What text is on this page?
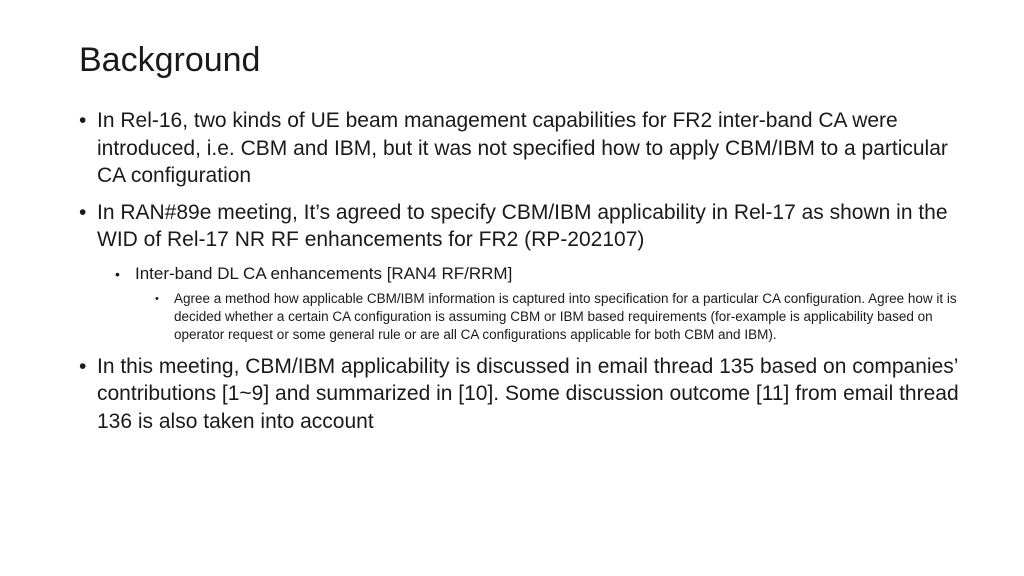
Background

• In Rel-16, two kinds of UE beam management capabilities for FR2 inter-band CA were introduced, i.e. CBM and IBM, but it was not specified how to apply CBM/IBM to a particular CA configuration

• In RAN#89e meeting, It’s agreed to specify CBM/IBM applicability in Rel-17 as shown in the WID of Rel-17 NR RF enhancements for FR2 (RP-202107)

• Inter-band DL CA enhancements [RAN4 RF/RRM]

• Agree a method how applicable CBM/IBM information is captured into specification for a particular CA configuration. Agree how it is decided whether a certain CA configuration is assuming CBM or IBM based requirements (for-example is applicability based on operator request or some general rule or are all CA configurations applicable for both CBM and IBM).

• In this meeting, CBM/IBM applicability is discussed in email thread 135 based on companies’ contributions [1~9] and summarized in [10]. Some discussion outcome [11] from email thread 136 is also taken into account
